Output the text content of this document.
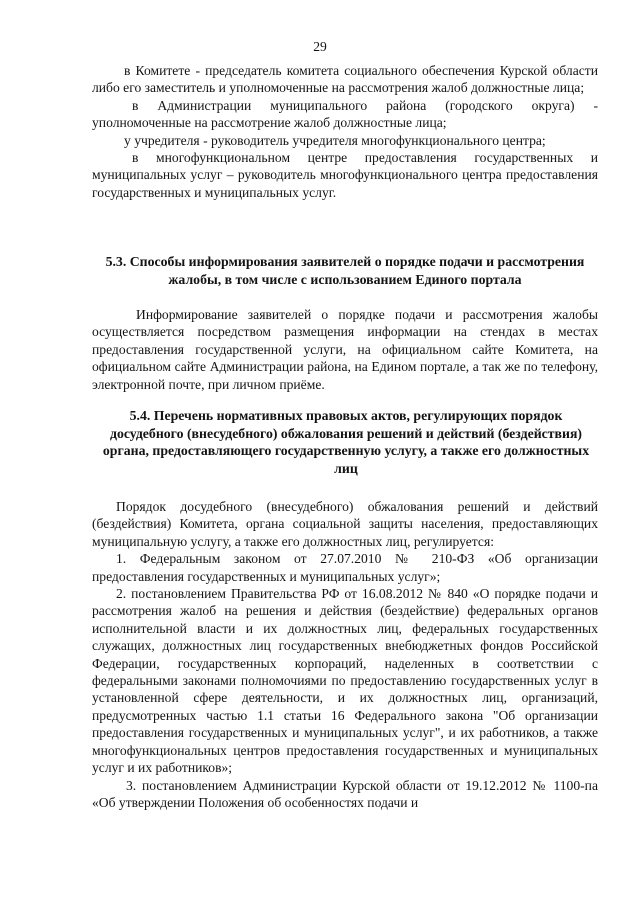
29

в Комитете - председатель комитета социального обеспечения Курской области либо его заместитель и уполномоченные на рассмотрения жалоб должностные лица;

в Администрации муниципального района (городского округа) - уполномоченные на рассмотрение жалоб должностные лица;

у учредителя - руководитель учредителя многофункционального центра;

в многофункциональном центре предоставления государственных и муниципальных услуг – руководитель многофункционального центра предоставления государственных и муниципальных услуг.

5.3. Способы информирования заявителей о порядке подачи и рассмотрения жалобы, в том числе с использованием Единого портала

Информирование заявителей о порядке подачи и рассмотрения жалобы осуществляется посредством размещения информации на стендах в местах предоставления государственной услуги, на официальном сайте Комитета, на официальном сайте Администрации района, на Едином портале, а так же по телефону, электронной почте, при личном приёме.

5.4. Перечень нормативных правовых актов, регулирующих порядок досудебного (внесудебного) обжалования решений и действий (бездействия) органа, предоставляющего государственную услугу, а также его должностных лиц

Порядок досудебного (внесудебного) обжалования решений и действий (бездействия) Комитета, органа социальной защиты населения, предоставляющих муниципальную услугу, а также его должностных лиц, регулируется:

1. Федеральным законом от 27.07.2010 № 210-ФЗ «Об организации предоставления государственных и муниципальных услуг»;

2. постановлением Правительства РФ от 16.08.2012 № 840 «О порядке подачи и рассмотрения жалоб на решения и действия (бездействие) федеральных органов исполнительной власти и их должностных лиц, федеральных государственных служащих, должностных лиц государственных внебюджетных фондов Российской Федерации, государственных корпораций, наделенных в соответствии с федеральными законами полномочиями по предоставлению государственных услуг в установленной сфере деятельности, и их должностных лиц, организаций, предусмотренных частью 1.1 статьи 16 Федерального закона "Об организации предоставления государственных и муниципальных услуг", и их работников, а также многофункциональных центров предоставления государственных и муниципальных услуг и их работников»;

3. постановлением Администрации Курской области от 19.12.2012 № 1100-па «Об утверждении Положения об особенностях подачи и
